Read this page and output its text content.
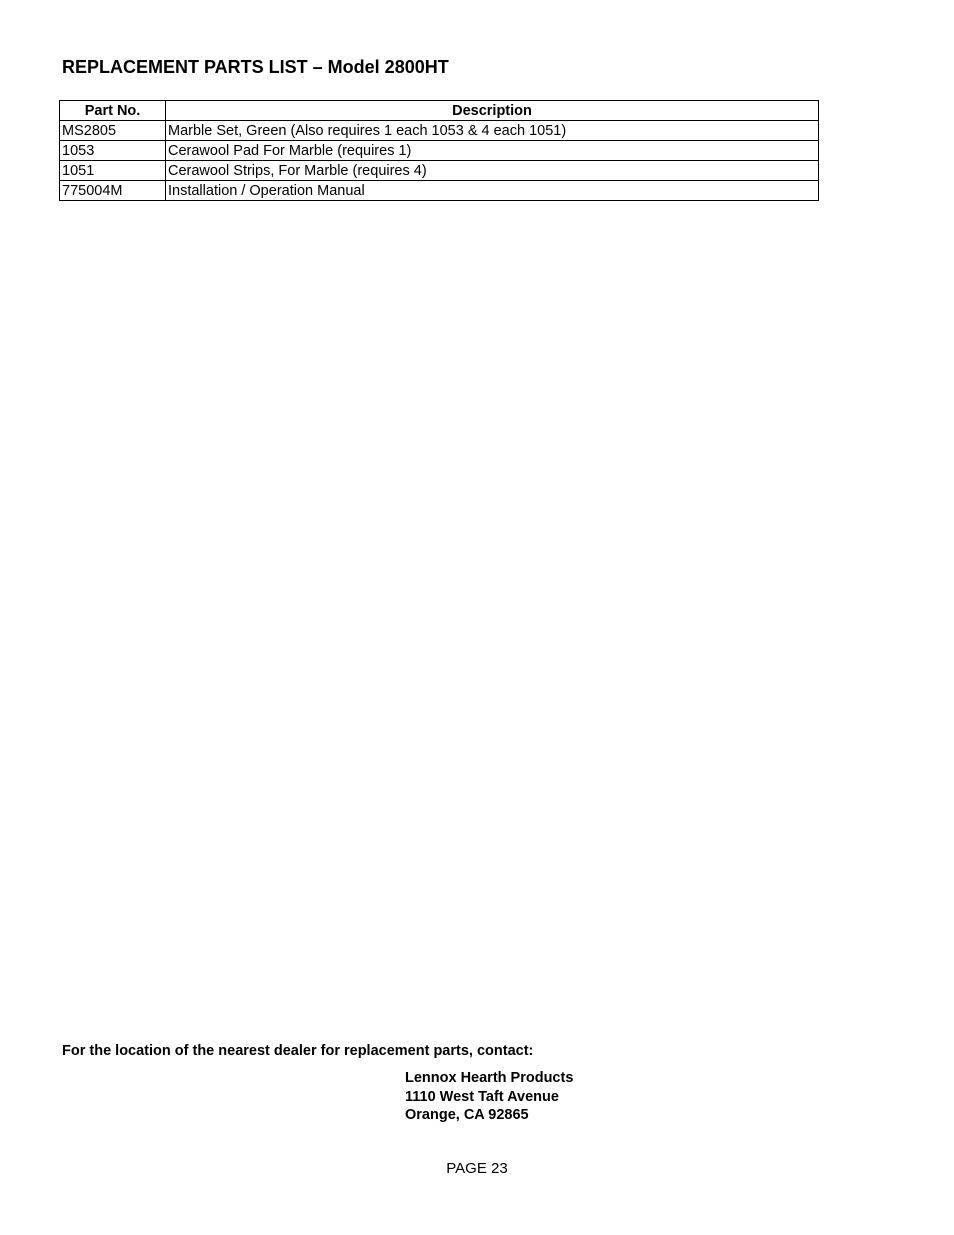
REPLACEMENT PARTS LIST – Model 2800HT
Part No.	Description
MS2805	Marble Set, Green (Also requires 1 each 1053 & 4 each 1051)
1053	Cerawool Pad For Marble (requires 1)
1051	Cerawool Strips, For Marble (requires 4)
775004M	Installation / Operation Manual
For the location of the nearest dealer for replacement parts, contact:
Lennox Hearth Products
1110 West Taft Avenue
Orange, CA 92865
PAGE 23
